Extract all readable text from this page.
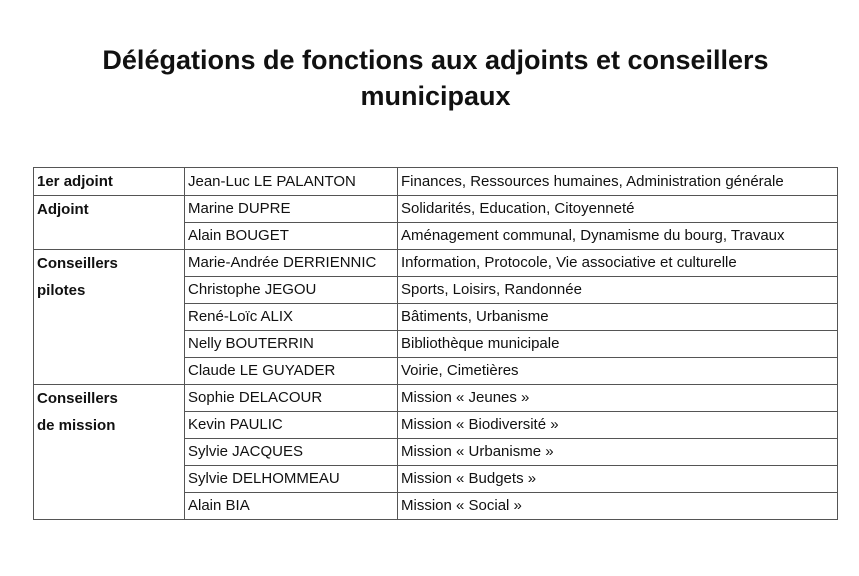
Délégations de fonctions aux adjoints et conseillers
municipaux
1er adjoint	Jean-Luc LE PALANTON	Finances, Ressources humaines, Administration générale

Adjoint	Marine DUPRE	Solidarités, Education, Citoyenneté
	Alain BOUGET	Aménagement communal, Dynamisme du bourg, Travaux

Conseillers
pilotes	Marie-Andrée DERRIENNIC	Information, Protocole, Vie associative et culturelle
	Christophe JEGOU	Sports, Loisirs, Randonnée
	René-Loïc ALIX	Bâtiments, Urbanisme
	Nelly BOUTERRIN	Bibliothèque municipale
	Claude LE GUYADER	Voirie, Cimetières

Conseillers
de mission	Sophie DELACOUR	Mission « Jeunes »
	Kevin PAULIC	Mission « Biodiversité »
	Sylvie JACQUES	Mission « Urbanisme »
	Sylvie DELHOMMEAU	Mission « Budgets »
	Alain BIA	Mission « Social »
